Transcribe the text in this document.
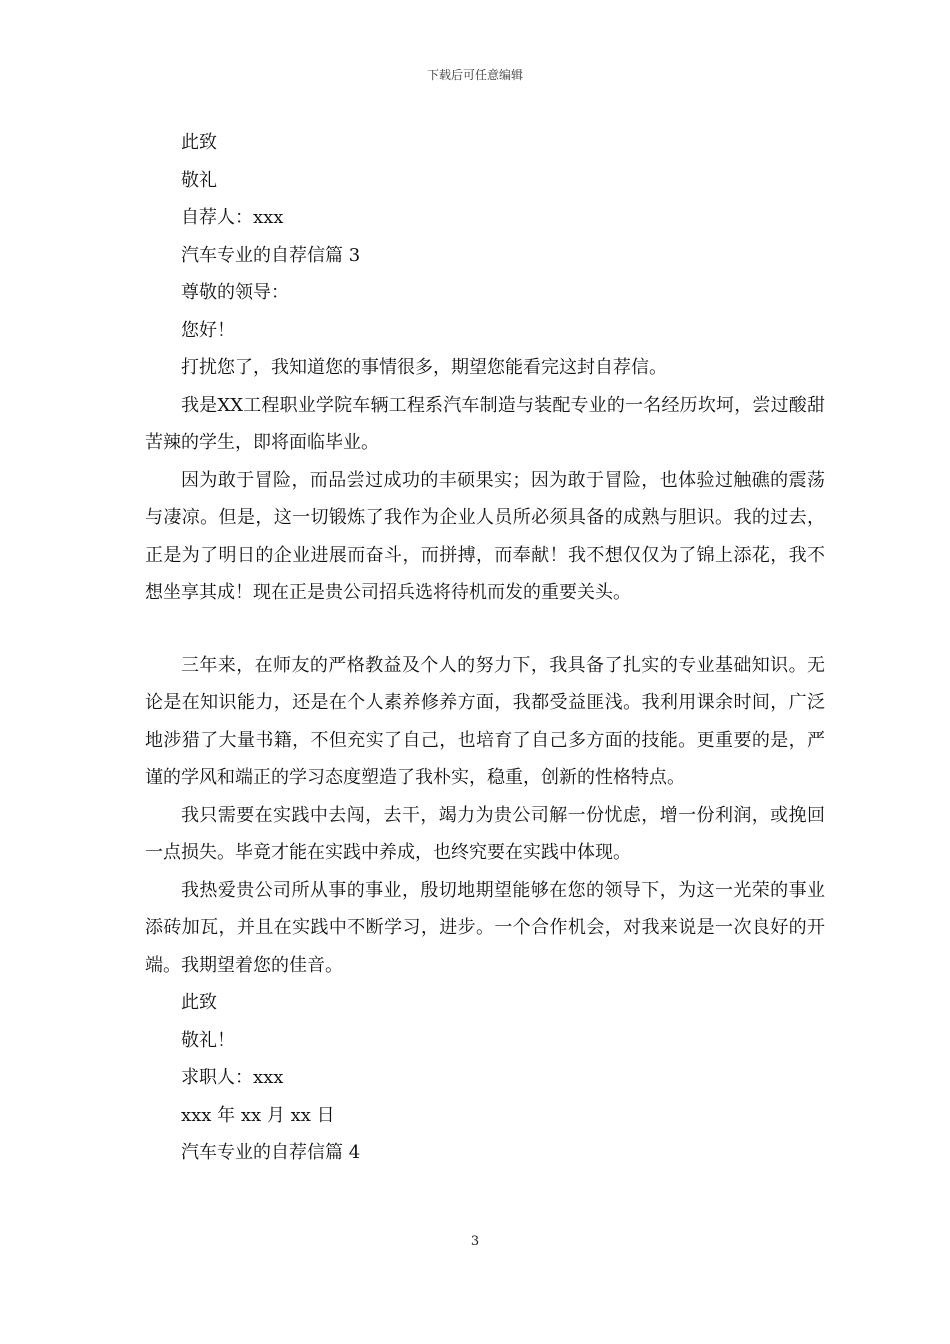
下载后可任意编辑
此致
敬礼
自荐人：xxx
汽车专业的自荐信篇 3
尊敬的领导：
您好！
打扰您了，我知道您的事情很多，期望您能看完这封自荐信。

我是XX工程职业学院车辆工程系汽车制造与装配专业的一名经历坎坷，尝过酸甜苦辣的学生，即将面临毕业。

因为敢于冒险，而品尝过成功的丰硕果实；因为敢于冒险，也体验过触礁的震荡与凄凉。但是，这一切锻炼了我作为企业人员所必须具备的成熟与胆识。我的过去，正是为了明日的企业进展而奋斗，而拼搏，而奉献！我不想仅仅为了锦上添花，我不想坐享其成！现在正是贵公司招兵选将待机而发的重要关头。

三年来，在师友的严格教益及个人的努力下，我具备了扎实的专业基础知识。无论是在知识能力，还是在个人素养修养方面，我都受益匪浅。我利用课余时间，广泛地涉猎了大量书籍，不但充实了自己，也培育了自己多方面的技能。更重要的是，严谨的学风和端正的学习态度塑造了我朴实，稳重，创新的性格特点。

我只需要在实践中去闯，去干，竭力为贵公司解一份忧虑，增一份利润，或挽回一点损失。毕竟才能在实践中养成，也终究要在实践中体现。

我热爱贵公司所从事的事业，殷切地期望能够在您的领导下，为这一光荣的事业添砖加瓦，并且在实践中不断学习，进步。一个合作机会，对我来说是一次良好的开端。我期望着您的佳音。

此致
敬礼！
求职人：xxx
xxx 年 xx 月 xx 日
汽车专业的自荐信篇 4
3
